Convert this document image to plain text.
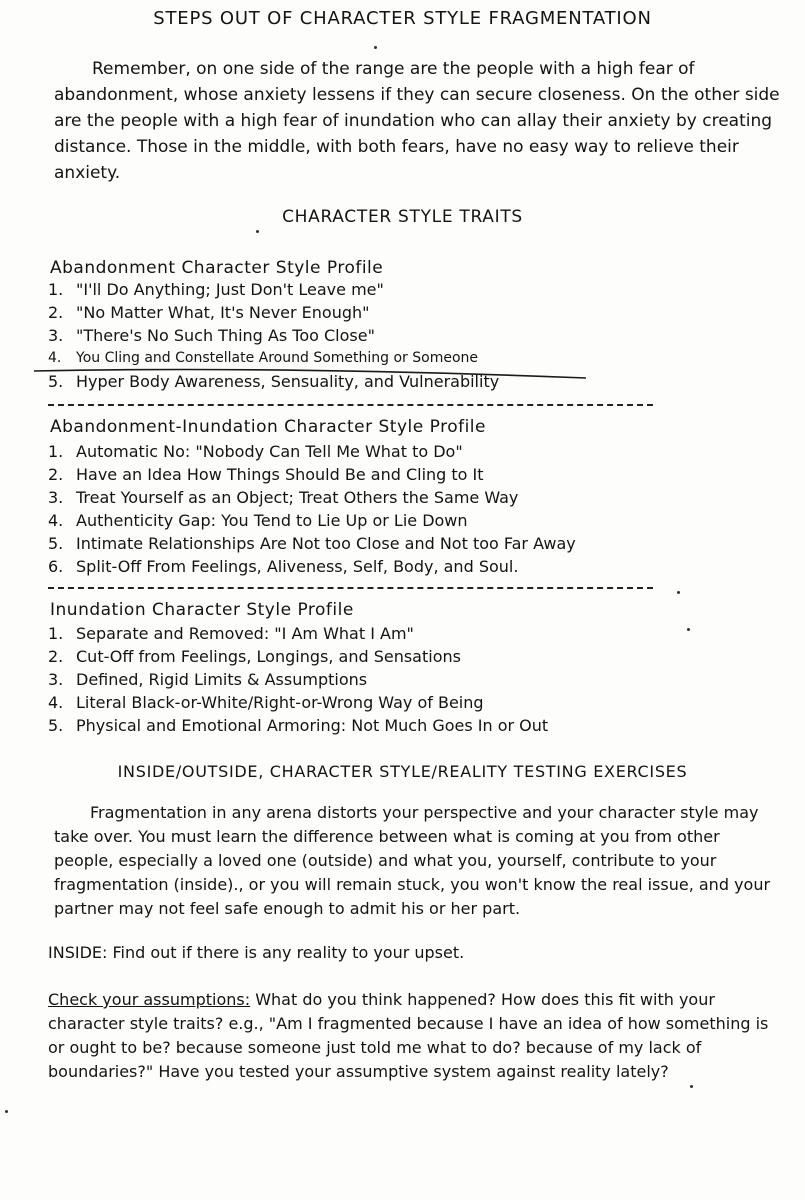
STEPS OUT OF CHARACTER STYLE FRAGMENTATION

Remember, on one side of the range are the people with a high fear of abandonment, whose anxiety lessens if they can secure closeness. On the other side are the people with a high fear of inundation who can allay their anxiety by creating distance. Those in the middle, with both fears, have no easy way to relieve their anxiety.

CHARACTER STYLE TRAITS
Abandonment Character Style Profile
1. "I'll Do Anything; Just Don't Leave me"
2. "No Matter What, It's Never Enough"
3. "There's No Such Thing As Too Close"
4. You Cling and Constellate Around Something or Someone
5. Hyper Body Awareness, Sensuality, and Vulnerability
Abandonment-Inundation Character Style Profile
1. Automatic No: "Nobody Can Tell Me What to Do"
2. Have an Idea How Things Should Be and Cling to It
3. Treat Yourself as an Object; Treat Others the Same Way
4. Authenticity Gap: You Tend to Lie Up or Lie Down
5. Intimate Relationships Are Not too Close and Not too Far Away
6. Split-Off From Feelings, Aliveness, Self, Body, and Soul.
Inundation Character Style Profile
1. Separate and Removed: "I Am What I Am"
2. Cut-Off from Feelings, Longings, and Sensations
3. Defined, Rigid Limits & Assumptions
4. Literal Black-or-White/Right-or-Wrong Way of Being
5. Physical and Emotional Armoring: Not Much Goes In or Out
INSIDE/OUTSIDE, CHARACTER STYLE/REALITY TESTING EXERCISES

Fragmentation in any arena distorts your perspective and your character style may take over. You must learn the difference between what is coming at you from other people, especially a loved one (outside) and what you, yourself, contribute to your fragmentation (inside)., or you will remain stuck, you won't know the real issue, and your partner may not feel safe enough to admit his or her part.

INSIDE: Find out if there is any reality to your upset.

Check your assumptions: What do you think happened? How does this fit with your character style traits? e.g., "Am I fragmented because I have an idea of how something is or ought to be? because someone just told me what to do? because of my lack of boundaries?" Have you tested your assumptive system against reality lately?
